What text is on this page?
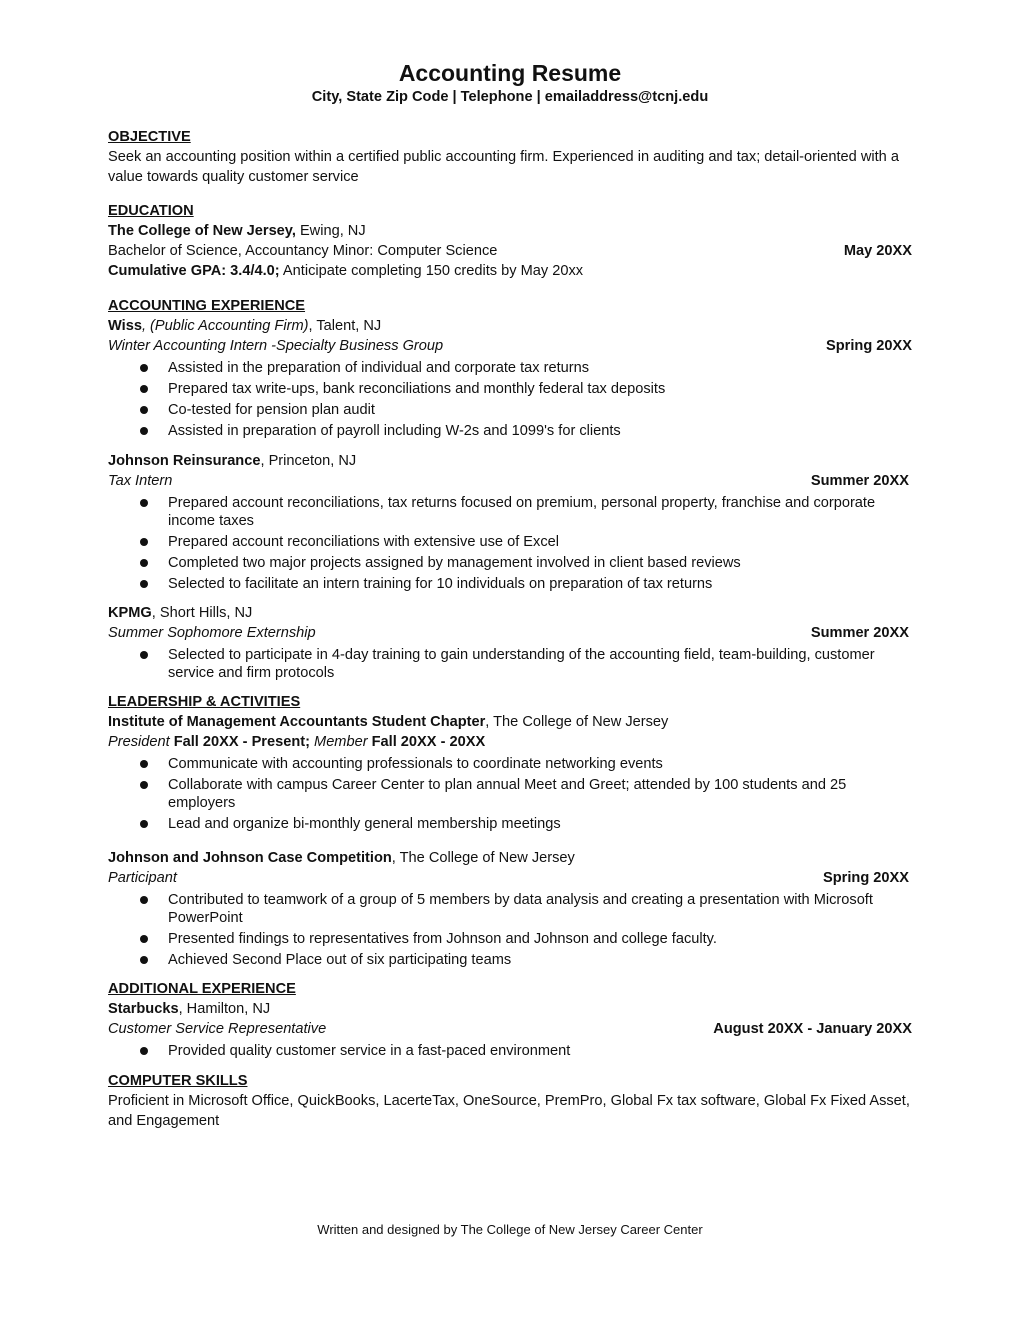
Accounting Resume

City, State Zip Code | Telephone | emailaddress@tcnj.edu

OBJECTIVE

Seek an accounting position within a certified public accounting firm. Experienced in auditing and tax; detail-oriented with a value towards quality customer service

EDUCATION

The College of New Jersey, Ewing, NJ

Bachelor of Science, Accountancy Minor: Computer Science	May 20XX

Cumulative GPA: 3.4/4.0; Anticipate completing 150 credits by May 20xx

ACCOUNTING EXPERIENCE

Wiss, (Public Accounting Firm), Talent, NJ

Winter Accounting Intern -Specialty Business Group	Spring 20XX
Assisted in the preparation of individual and corporate tax returns
Prepared tax write-ups, bank reconciliations and monthly federal tax deposits
Co-tested for pension plan audit
Assisted in preparation of payroll including W-2s and 1099's for clients

Johnson Reinsurance, Princeton, NJ

Tax Intern	Summer 20XX
Prepared account reconciliations, tax returns focused on premium, personal property, franchise and corporate income taxes
Prepared account reconciliations with extensive use of Excel
Completed two major projects assigned by management involved in client based reviews
Selected to facilitate an intern training for 10 individuals on preparation of tax returns

KPMG, Short Hills, NJ

Summer Sophomore Externship	Summer 20XX
Selected to participate in 4-day training to gain understanding of the accounting field, team-building, customer service and firm protocols

LEADERSHIP & ACTIVITIES

Institute of Management Accountants Student Chapter, The College of New Jersey

President Fall 20XX - Present; Member Fall 20XX - 20XX

Communicate with accounting professionals to coordinate networking events
Collaborate with campus Career Center to plan annual Meet and Greet; attended by 100 students and 25 employers
Lead and organize bi-monthly general membership meetings

Johnson and Johnson Case Competition, The College of New Jersey

Participant	Spring 20XX
Contributed to teamwork of a group of 5 members by data analysis and creating a presentation with Microsoft PowerPoint
Presented findings to representatives from Johnson and Johnson and college faculty.
Achieved Second Place out of six participating teams

ADDITIONAL EXPERIENCE

Starbucks, Hamilton, NJ

Customer Service Representative	August 20XX - January 20XX
Provided quality customer service in a fast-paced environment

COMPUTER SKILLS

Proficient in Microsoft Office, QuickBooks, LacerteTax, OneSource, PremPro, Global Fx tax software, Global Fx Fixed Asset, and Engagement

Written and designed by The College of New Jersey Career Center
